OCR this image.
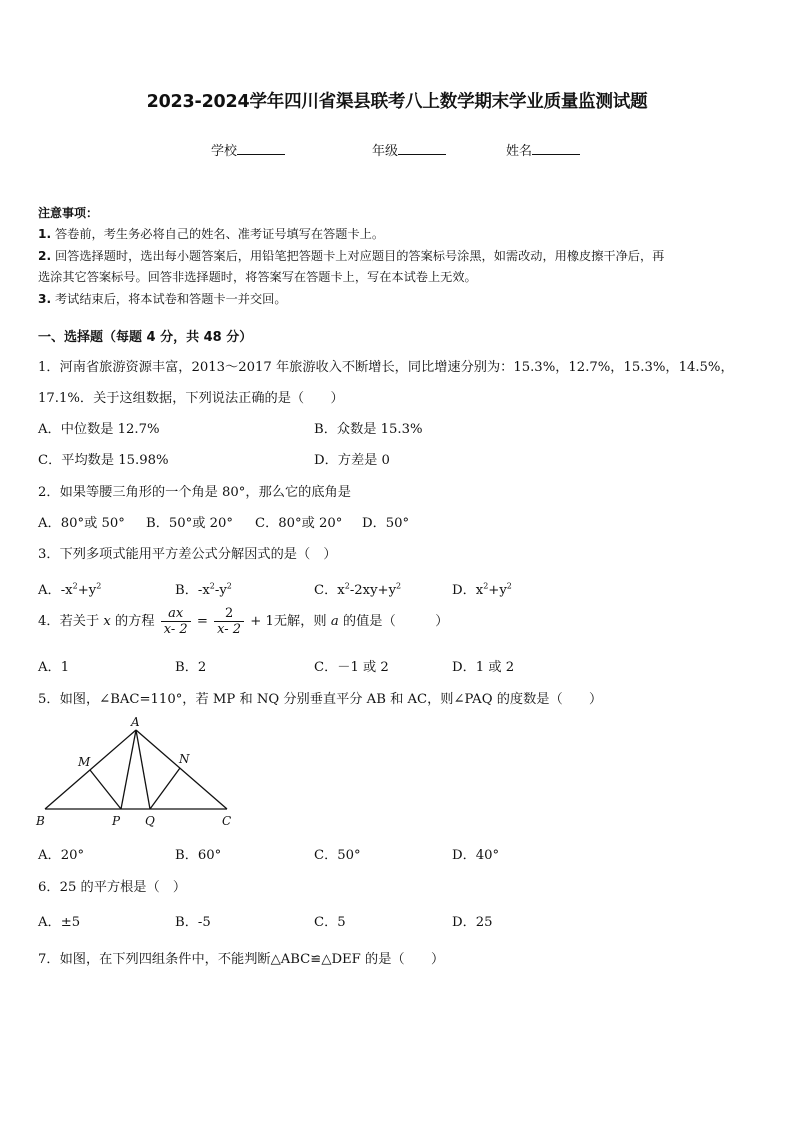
2023-2024学年四川省渠县联考八上数学期末学业质量监测试题
学校	年级	姓名
注意事项：
1. 答卷前，考生务必将自己的姓名、准考证号填写在答题卡上。
2. 回答选择题时，选出每小题答案后，用铅笔把答题卡上对应题目的答案标号涂黑，如需改动，用橡皮擦干净后，再
选涂其它答案标号。回答非选择题时，将答案写在答题卡上，写在本试卷上无效。
3. 考试结束后，将本试卷和答题卡一并交回。
一、选择题（每题 4 分，共 48 分）
1．河南省旅游资源丰富，2013～2017 年旅游收入不断增长，同比增速分别为：15.3%，12.7%，15.3%，14.5%，
17.1%．关于这组数据，下列说法正确的是（　　）
A．中位数是 12.7%	B．众数是 15.3%
C．平均数是 15.98%	D．方差是 0
2．如果等腰三角形的一个角是 80°，那么它的底角是
A．80°或 50° B．50°或 20° C．80°或 20° D．50°
3．下列多项式能用平方差公式分解因式的是（　）
A．$-x^2+y^2$	B．$-x^2-y^2$	C．$x^2-2xy+y^2$	D．$x^2+y^2$
4．若关于 x 的方程 $\frac{ax}{x- 2} = \frac{2}{x- 2} + 1$无解，则 a 的值是（　　　）
A．1	B．2	C．－1 或 2	D．1 或 2
5．如图，∠BAC=110°，若 MP 和 NQ 分别垂直平分 AB 和 AC，则∠PAQ 的度数是（　　）
A
B	C
M	N
P Q
A．20°	B．60°	C．50°	D．40°
6．25 的平方根是（　）
A．±5	B．-5	C．5	D．25
7．如图，在下列四组条件中，不能判断△ABC≌△DEF 的是（　　）
